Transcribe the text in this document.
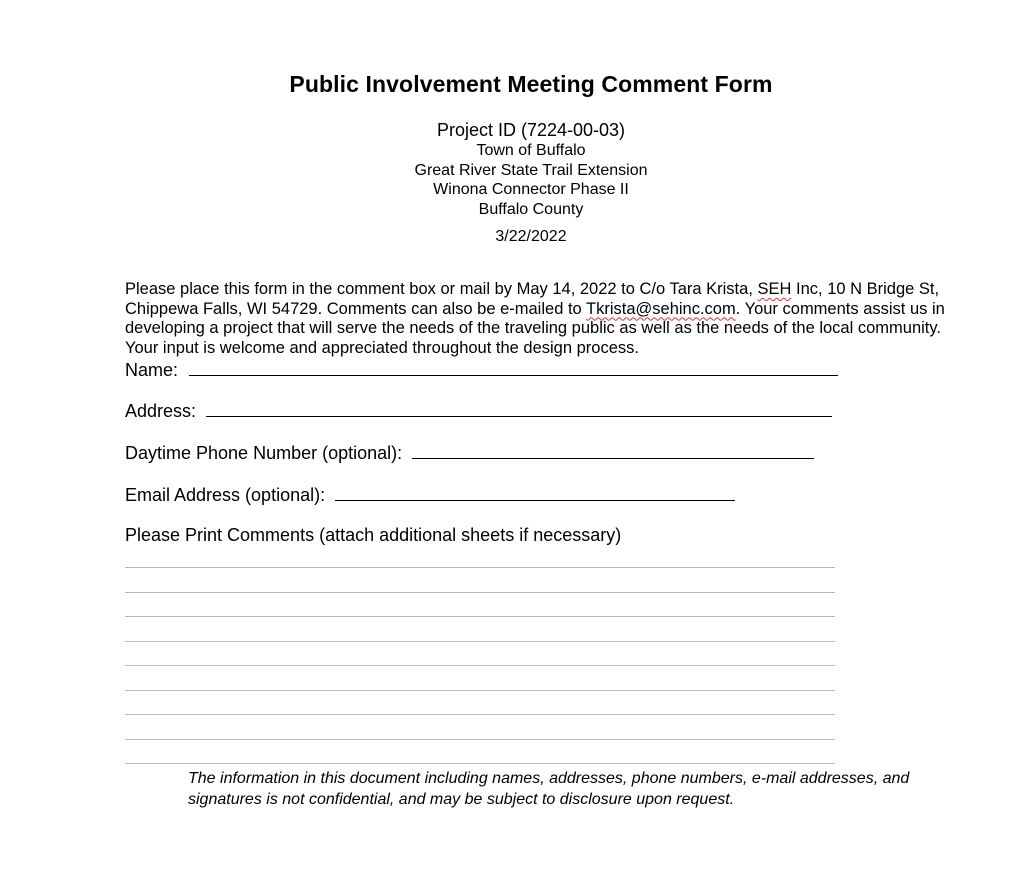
Public Involvement Meeting Comment Form
Project ID (7224-00-03)
Town of Buffalo
Great River State Trail Extension
Winona Connector Phase II
Buffalo County
3/22/2022
Please place this form in the comment box or mail by May 14, 2022 to C/o Tara Krista, SEH Inc, 10 N Bridge St, Chippewa Falls, WI 54729. Comments can also be e-mailed to Tkrista@sehinc.com. Your comments assist us in developing a project that will serve the needs of the traveling public as well as the needs of the local community. Your input is welcome and appreciated throughout the design process.
Name:
Address:
Daytime Phone Number (optional):
Email Address (optional):
Please Print Comments (attach additional sheets if necessary)
The information in this document including names, addresses, phone numbers, e-mail addresses, and signatures is not confidential, and may be subject to disclosure upon request.
